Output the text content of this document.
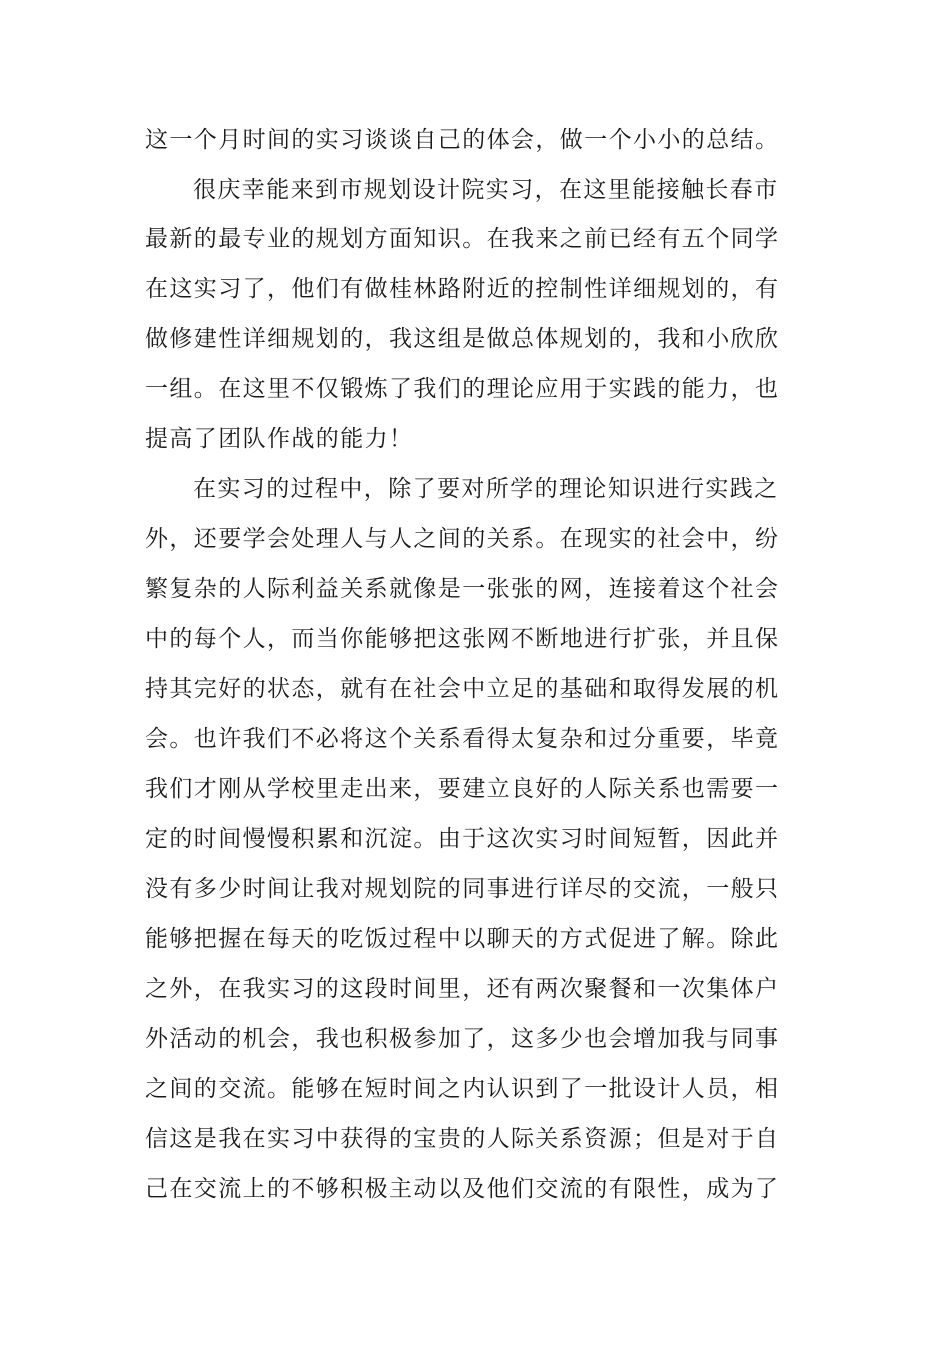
这一个月时间的实习谈谈自己的体会，做一个小小的总结。
很庆幸能来到市规划设计院实习，在这里能接触长春市
最新的最专业的规划方面知识。在我来之前已经有五个同学
在这实习了，他们有做桂林路附近的控制性详细规划的，有
做修建性详细规划的，我这组是做总体规划的，我和小欣欣
一组。在这里不仅锻炼了我们的理论应用于实践的能力，也
提高了团队作战的能力！
在实习的过程中，除了要对所学的理论知识进行实践之
外，还要学会处理人与人之间的关系。在现实的社会中，纷
繁复杂的人际利益关系就像是一张张的网，连接着这个社会
中的每个人，而当你能够把这张网不断地进行扩张，并且保
持其完好的状态，就有在社会中立足的基础和取得发展的机
会。也许我们不必将这个关系看得太复杂和过分重要，毕竟
我们才刚从学校里走出来，要建立良好的人际关系也需要一
定的时间慢慢积累和沉淀。由于这次实习时间短暂，因此并
没有多少时间让我对规划院的同事进行详尽的交流，一般只
能够把握在每天的吃饭过程中以聊天的方式促进了解。除此
之外，在我实习的这段时间里，还有两次聚餐和一次集体户
外活动的机会，我也积极参加了，这多少也会增加我与同事
之间的交流。能够在短时间之内认识到了一批设计人员，相
信这是我在实习中获得的宝贵的人际关系资源；但是对于自
己在交流上的不够积极主动以及他们交流的有限性，成为了
